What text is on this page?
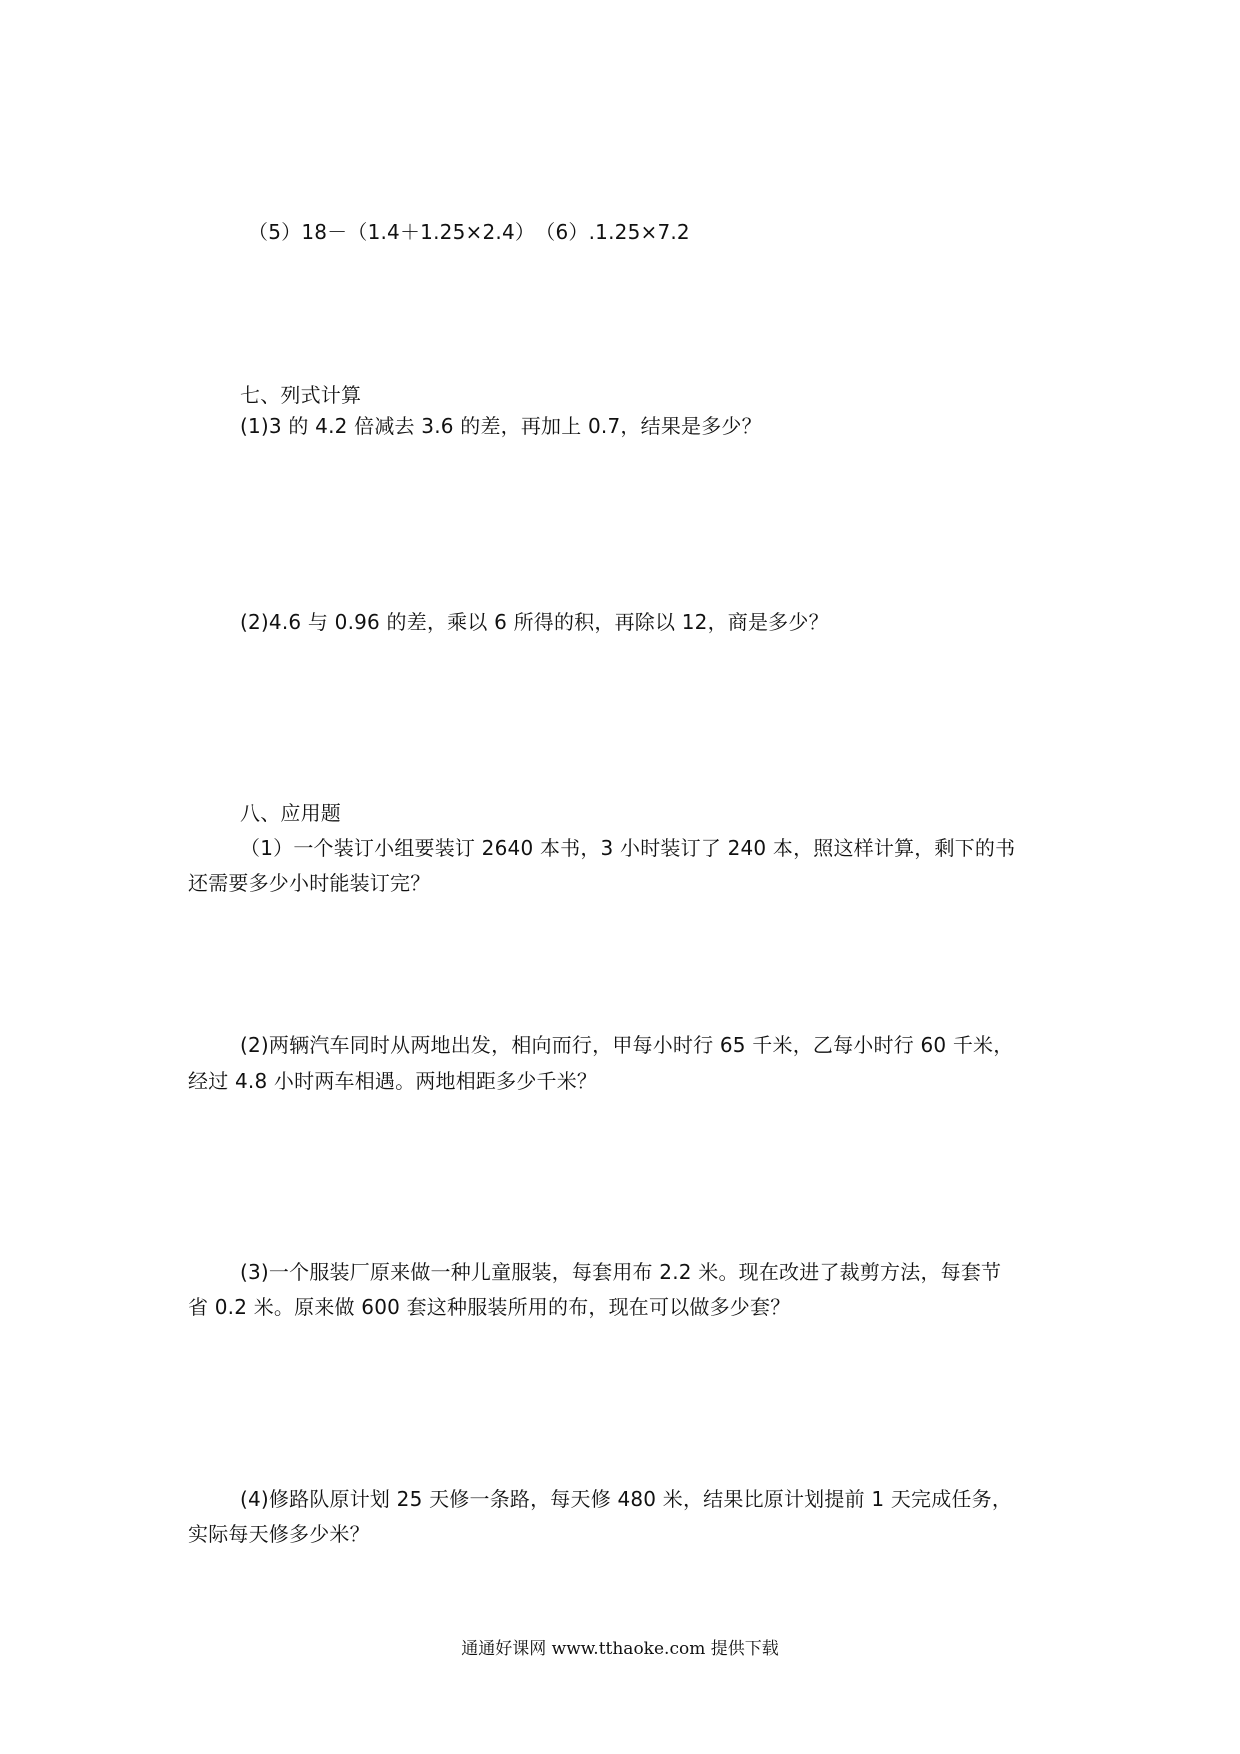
（5）18－（1.4＋1.25×2.4）　（6）.1.25×7.2

七、列式计算

(1)3 的 4.2 倍减去 3.6 的差，再加上 0.7，结果是多少？

(2)4.6 与 0.96 的差，乘以 6 所得的积，再除以 12，商是多少？

八、应用题

（1）一个装订小组要装订 2640 本书，3 小时装订了 240 本，照这样计算，剩下的书

还需要多少小时能装订完？

(2)两辆汽车同时从两地出发，相向而行，甲每小时行 65 千米，乙每小时行 60 千米，

经过 4.8 小时两车相遇。两地相距多少千米？

(3)一个服装厂原来做一种儿童服装，每套用布 2.2 米。现在改进了裁剪方法，每套节

省 0.2 米。原来做 600 套这种服装所用的布，现在可以做多少套？

(4)修路队原计划 25 天修一条路，每天修 480 米，结果比原计划提前 1 天完成任务，

实际每天修多少米？

通通好课网 www.tthaoke.com 提供下载
